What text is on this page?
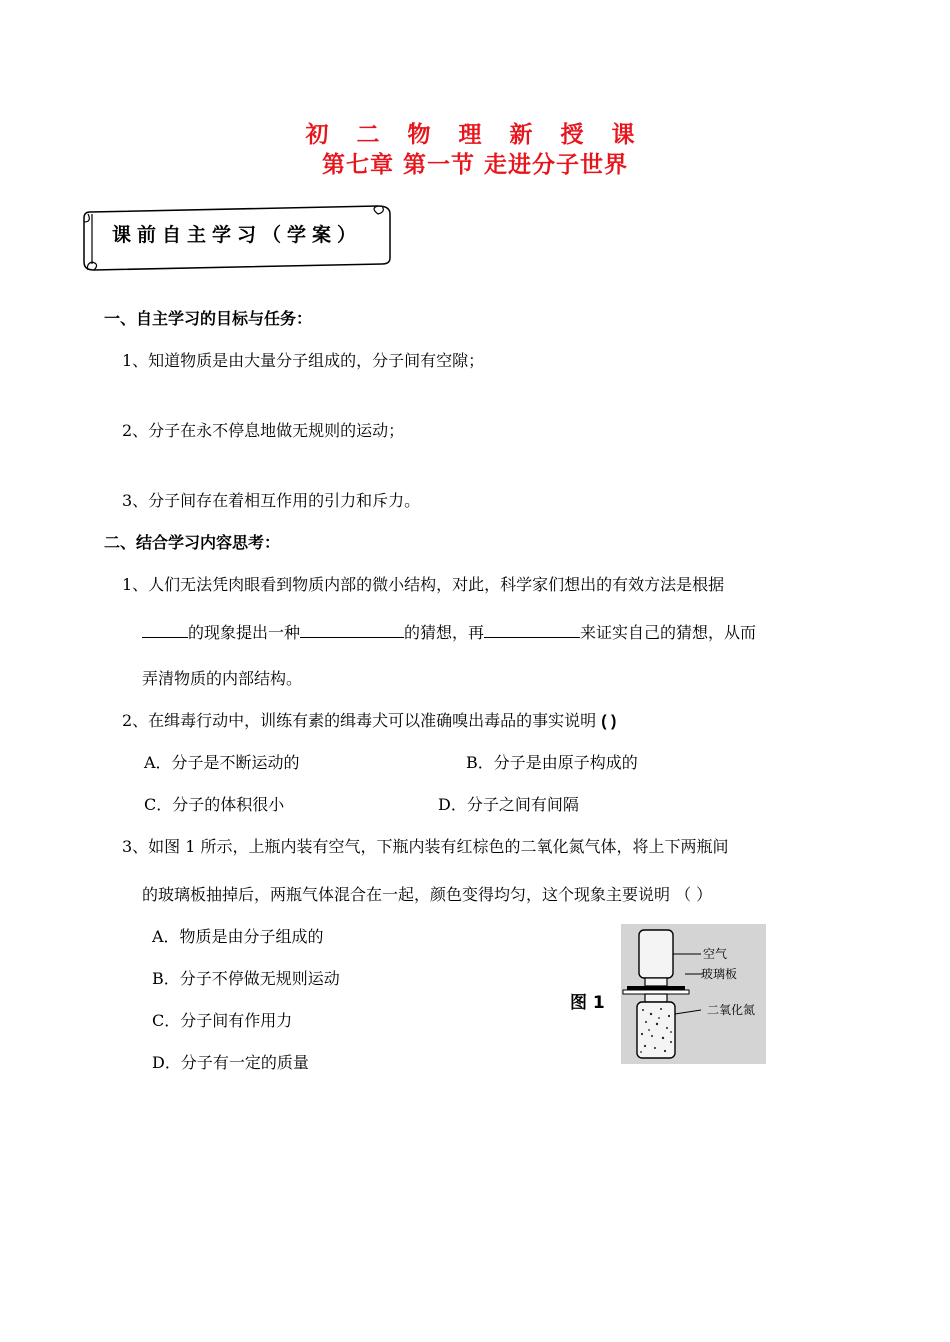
初 二 物 理 新 授 课
第七章 第一节 走进分子世界
课前自主学习（学案）
一、自主学习的目标与任务：
1、知道物质是由大量分子组成的，分子间有空隙；
2、分子在永不停息地做无规则的运动；
3、分子间存在着相互作用的引力和斥力。
二、结合学习内容思考：
1、人们无法凭肉眼看到物质内部的微小结构，对此，科学家们想出的有效方法是根据
的现象提出一种	的猜想，再	来证实自己的猜想，从而
弄清物质的内部结构。
2、在缉毒行动中，训练有素的缉毒犬可以准确嗅出毒品的事实说明 ( )
A．分子是不断运动的	B．分子是由原子构成的
C．分子的体积很小	D．分子之间有间隔
3、如图 1 所示，上瓶内装有空气，下瓶内装有红棕色的二氧化氮气体，将上下两瓶间
的玻璃板抽掉后，两瓶气体混合在一起，颜色变得均匀，这个现象主要说明 （ ）
A．物质是由分子组成的
B．分子不停做无规则运动
C．分子间有作用力
D．分子有一定的质量
图 1
空气
玻璃板
二氧化氮
